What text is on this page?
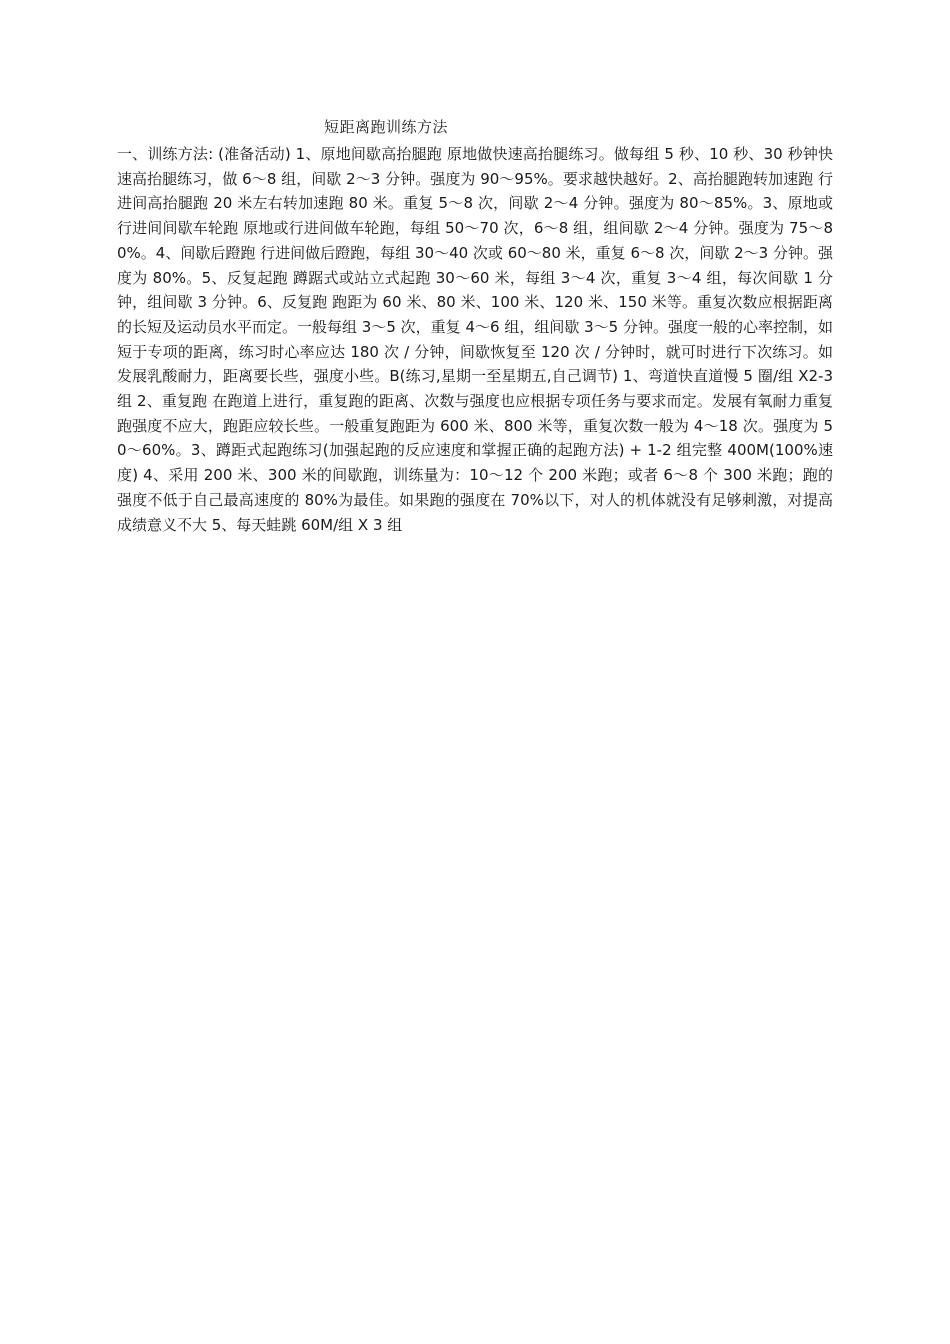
短距离跑训练方法
一、训练方法: (准备活动) 1、原地间歇高抬腿跑 原地做快速高抬腿练习。做每组 5 秒、10 秒、30 秒钟快速高抬腿练习，做 6～8 组，间歇 2～3 分钟。强度为 90～95%。要求越快越好。2、高抬腿跑转加速跑 行进间高抬腿跑 20 米左右转加速跑 80 米。重复 5～8 次，间歇 2～4 分钟。强度为 80～85%。3、原地或行进间间歇车轮跑 原地或行进间做车轮跑，每组 50～70 次，6～8 组，组间歇 2～4 分钟。强度为 75～80%。4、间歇后蹬跑 行进间做后蹬跑，每组 30～40 次或 60～80 米，重复 6～8 次，间歇 2～3 分钟。强度为 80%。5、反复起跑 蹲踞式或站立式起跑 30～60 米，每组 3～4 次，重复 3～4 组，每次间歇 1 分钟，组间歇 3 分钟。6、反复跑 跑距为 60 米、80 米、100 米、120 米、150 米等。重复次数应根据距离的长短及运动员水平而定。一般每组 3～5 次，重复 4～6 组，组间歇 3～5 分钟。强度一般的心率控制，如短于专项的距离，练习时心率应达 180 次 / 分钟，间歇恢复至 120 次 / 分钟时，就可时进行下次练习。如发展乳酸耐力，距离要长些，强度小些。B(练习,星期一至星期五,自己调节) 1、弯道快直道慢 5 圈/组 X2-3 组 2、重复跑 在跑道上进行，重复跑的距离、次数与强度也应根据专项任务与要求而定。发展有氧耐力重复跑强度不应大，跑距应较长些。一般重复跑距为 600 米、800 米等，重复次数一般为 4～18 次。强度为 50～60%。3、蹲距式起跑练习(加强起跑的反应速度和掌握正确的起跑方法) + 1-2 组完整 400M(100%速度) 4、采用 200 米、300 米的间歇跑，训练量为：10～12 个 200 米跑；或者 6～8 个 300 米跑；跑的强度不低于自己最高速度的 80%为最佳。如果跑的强度在 70%以下，对人的机体就没有足够刺激，对提高成绩意义不大 5、每天蛙跳 60M/组 X 3 组
